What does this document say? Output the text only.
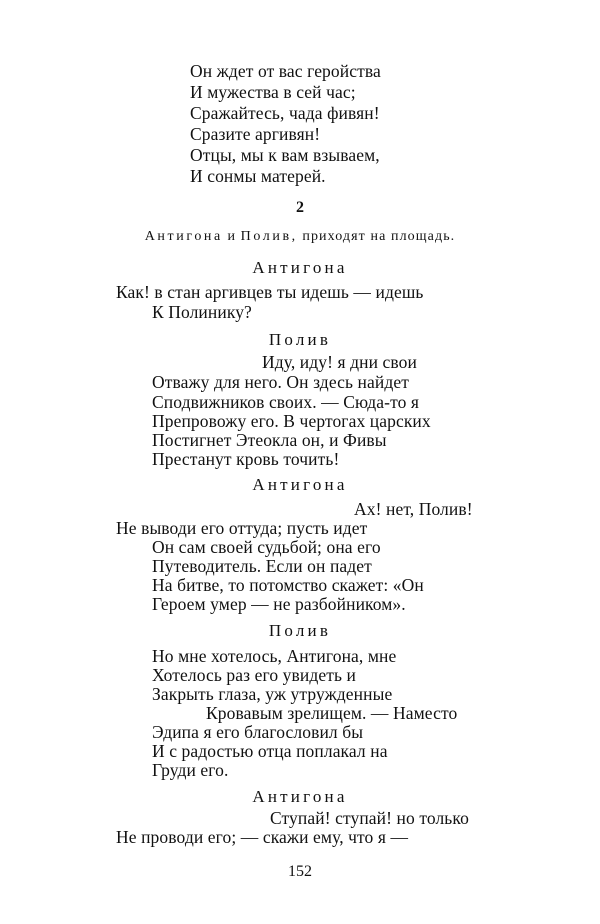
Он ждет от вас геройства
И мужества в сей час;
Сражайтесь, чада фивян!
Сразите аргивян!
Отцы, мы к вам взываем,
И сонмы матерей.
2
Антигона и Полив, приходят на площадь.
Антигона
Как! в стан аргивцев ты идешь — идешь
К Полинику?
Полив
Иду, иду! я дни свои
Отважу для него. Он здесь найдет
Сподвижников своих. — Сюда-то я
Препровожу его. В чертогах царских
Постигнет Этеокла он, и Фивы
Престанут кровь точить!
Антигона
Ах! нет, Полив!
Не выводи его оттуда; пусть идет
Он сам своей судьбой; она его
Путеводитель. Если он падет
На битве, то потомство скажет: «Он
Героем умер — не разбойником».
Полив
Но мне хотелось, Антигона, мне
Хотелось раз его увидеть и
Закрыть глаза, уж утружденные
Кровавым зрелищем. — Наместо
Эдипа я его благословил бы
И с радостью отца поплакал на
Груди его.
Антигона
Ступай! ступай! но только
Не проводи его; — скажи ему, что я —
152
